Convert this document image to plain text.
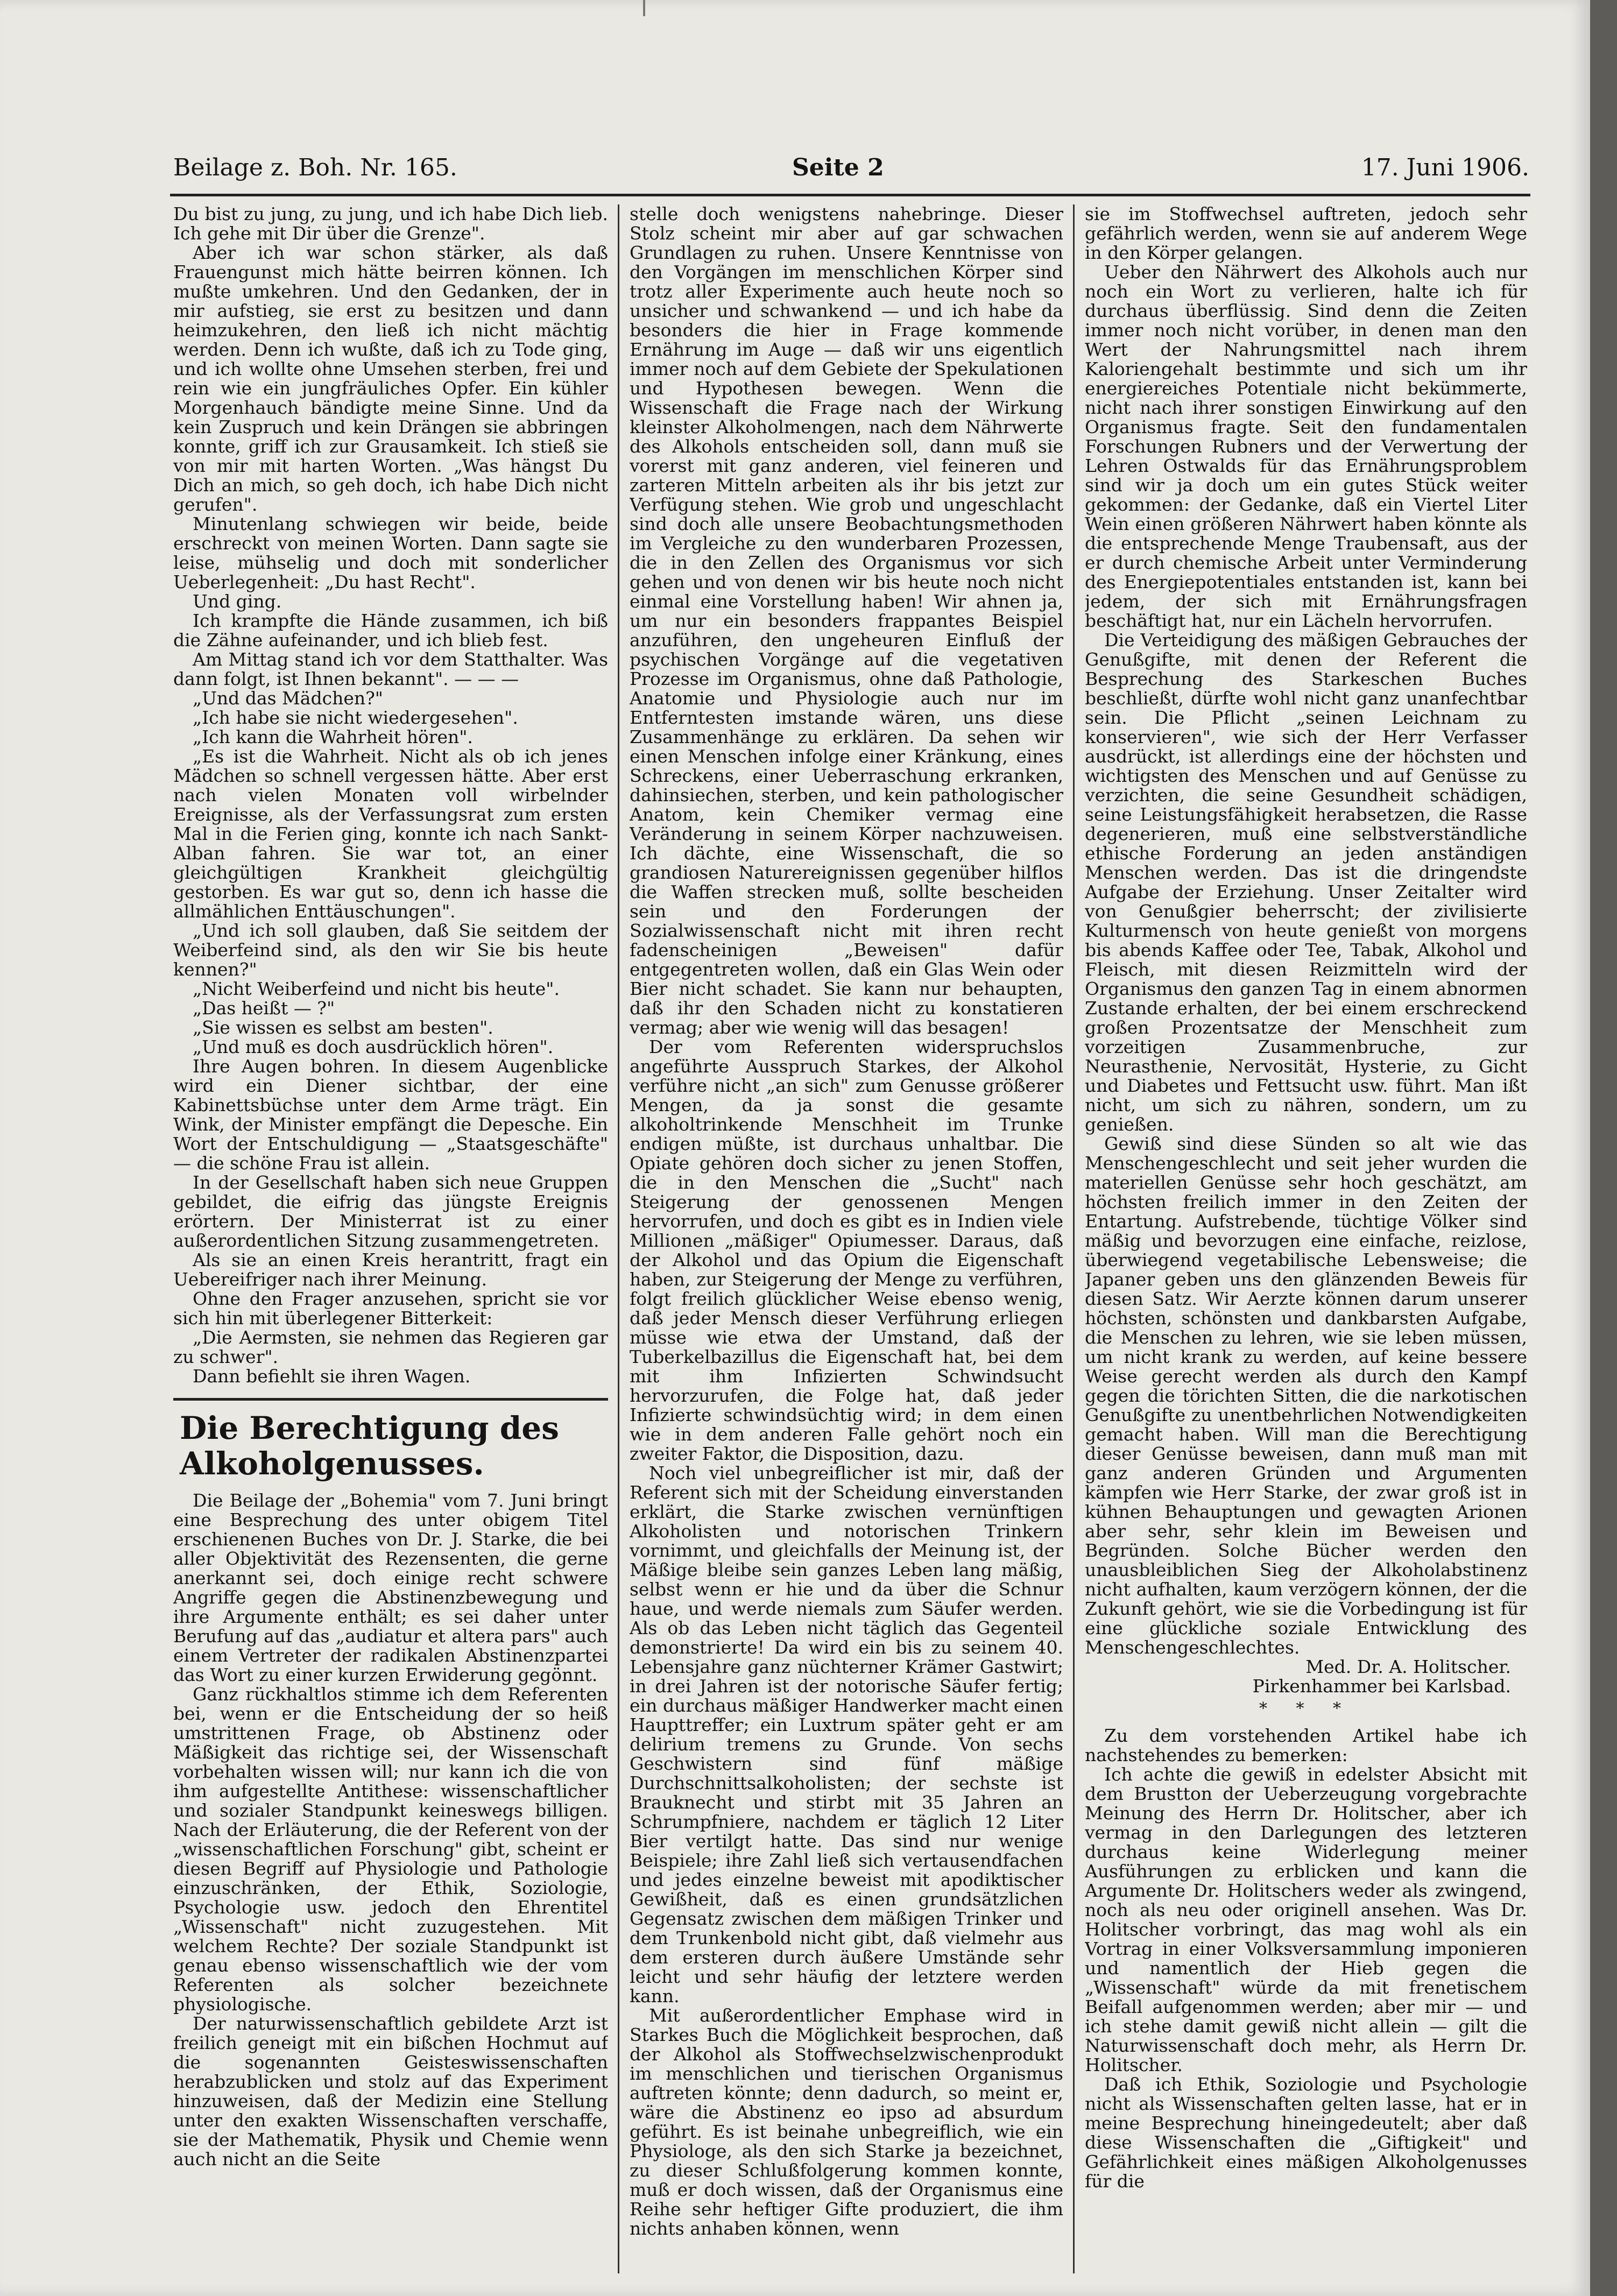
Beilage z. Boh. Nr. 165.	Seite 2	17. Juni 1906.

Du bist zu jung, zu jung, und ich habe Dich lieb. Ich gehe mit Dir über die Grenze".

Aber ich war schon stärker, als daß Frauengunst mich hätte beirren können. Ich mußte umkehren. Und den Gedanken, der in mir aufstieg, sie erst zu besitzen und dann heimzukehren, den ließ ich nicht mächtig werden. Denn ich wußte, daß ich zu Tode ging, und ich wollte ohne Umsehen sterben, frei und rein wie ein jungfräuliches Opfer. Ein kühler Morgenhauch bändigte meine Sinne. Und da kein Zuspruch und kein Drängen sie abbringen konnte, griff ich zur Grausamkeit. Ich stieß sie von mir mit harten Worten. „Was hängst Du Dich an mich, so geh doch, ich habe Dich nicht gerufen".

Minutenlang schwiegen wir beide, beide erschreckt von meinen Worten. Dann sagte sie leise, mühselig und doch mit sonderlicher Ueberlegenheit: „Du hast Recht".

Und ging.

Ich krampfte die Hände zusammen, ich biß die Zähne aufeinander, und ich blieb fest.

Am Mittag stand ich vor dem Statthalter. Was dann folgt, ist Ihnen bekannt". — — —

„Und das Mädchen?"

„Ich habe sie nicht wiedergesehen".

„Ich kann die Wahrheit hören".

„Es ist die Wahrheit. Nicht als ob ich jenes Mädchen so schnell vergessen hätte. Aber erst nach vielen Monaten voll wirbelnder Ereignisse, als der Verfassungsrat zum ersten Mal in die Ferien ging, konnte ich nach Sankt-Alban fahren. Sie war tot, an einer gleichgültigen Krankheit gleichgültig gestorben. Es war gut so, denn ich hasse die allmählichen Enttäuschungen".

„Und ich soll glauben, daß Sie seitdem der Weiberfeind sind, als den wir Sie bis heute kennen?"

„Nicht Weiberfeind und nicht bis heute".

„Das heißt — ?"

„Sie wissen es selbst am besten".

„Und muß es doch ausdrücklich hören".

Ihre Augen bohren. In diesem Augenblicke wird ein Diener sichtbar, der eine Kabinettsbüchse unter dem Arme trägt. Ein Wink, der Minister empfängt die Depesche. Ein Wort der Entschuldigung — „Staatsgeschäfte" — die schöne Frau ist allein.

In der Gesellschaft haben sich neue Gruppen gebildet, die eifrig das jüngste Ereignis erörtern. Der Ministerrat ist zu einer außerordentlichen Sitzung zusammengetreten.

Als sie an einen Kreis herantritt, fragt ein Uebereifriger nach ihrer Meinung.

Ohne den Frager anzusehen, spricht sie vor sich hin mit überlegener Bitterkeit:

„Die Aermsten, sie nehmen das Regieren gar zu schwer".

Dann befiehlt sie ihren Wagen.

Die Berechtigung des Alkoholgenusses.

Die Beilage der „Bohemia" vom 7. Juni bringt eine Besprechung des unter obigem Titel erschienenen Buches von Dr. J. Starke, die bei aller Objektivität des Rezensenten, die gerne anerkannt sei, doch einige recht schwere Angriffe gegen die Abstinenzbewegung und ihre Argumente enthält; es sei daher unter Berufung auf das „audiatur et altera pars" auch einem Vertreter der radikalen Abstinenzpartei das Wort zu einer kurzen Erwiderung gegönnt.

Ganz rückhaltlos stimme ich dem Referenten bei, wenn er die Entscheidung der so heiß umstrittenen Frage, ob Abstinenz oder Mäßigkeit das richtige sei, der Wissenschaft vorbehalten wissen will; nur kann ich die von ihm aufgestellte Antithese: wissenschaftlicher und sozialer Standpunkt keineswegs billigen. Nach der Erläuterung, die der Referent von der „wissenschaftlichen Forschung" gibt, scheint er diesen Begriff auf Physiologie und Pathologie einzuschränken, der Ethik, Soziologie, Psychologie usw. jedoch den Ehrentitel „Wissenschaft" nicht zuzugestehen. Mit welchem Rechte? Der soziale Standpunkt ist genau ebenso wissenschaftlich wie der vom Referenten als solcher bezeichnete physiologische.

Der naturwissenschaftlich gebildete Arzt ist freilich geneigt mit ein bißchen Hochmut auf die sogenannten Geisteswissenschaften herabzublicken und stolz auf das Experiment hinzuweisen, daß der Medizin eine Stellung unter den exakten Wissenschaften verschaffe, sie der Mathematik, Physik und Chemie wenn auch nicht an die Seite

stelle doch wenigstens nahebringe. Dieser Stolz scheint mir aber auf gar schwachen Grundlagen zu ruhen. Unsere Kenntnisse von den Vorgängen im menschlichen Körper sind trotz aller Experimente auch heute noch so unsicher und schwankend — und ich habe da besonders die hier in Frage kommende Ernährung im Auge — daß wir uns eigentlich immer noch auf dem Gebiete der Spekulationen und Hypothesen bewegen. Wenn die Wissenschaft die Frage nach der Wirkung kleinster Alkoholmengen, nach dem Nährwerte des Alkohols entscheiden soll, dann muß sie vorerst mit ganz anderen, viel feineren und zarteren Mitteln arbeiten als ihr bis jetzt zur Verfügung stehen. Wie grob und ungeschlacht sind doch alle unsere Beobachtungsmethoden im Vergleiche zu den wunderbaren Prozessen, die in den Zellen des Organismus vor sich gehen und von denen wir bis heute noch nicht einmal eine Vorstellung haben! Wir ahnen ja, um nur ein besonders frappantes Beispiel anzuführen, den ungeheuren Einfluß der psychischen Vorgänge auf die vegetativen Prozesse im Organismus, ohne daß Pathologie, Anatomie und Physiologie auch nur im Entferntesten imstande wären, uns diese Zusammenhänge zu erklären. Da sehen wir einen Menschen infolge einer Kränkung, eines Schreckens, einer Ueberraschung erkranken, dahinsiechen, sterben, und kein pathologischer Anatom, kein Chemiker vermag eine Veränderung in seinem Körper nachzuweisen. Ich dächte, eine Wissenschaft, die so grandiosen Naturereignissen gegenüber hilflos die Waffen strecken muß, sollte bescheiden sein und den Forderungen der Sozialwissenschaft nicht mit ihren recht fadenscheinigen „Beweisen" dafür entgegentreten wollen, daß ein Glas Wein oder Bier nicht schadet. Sie kann nur behaupten, daß ihr den Schaden nicht zu konstatieren vermag; aber wie wenig will das besagen!

Der vom Referenten widerspruchslos angeführte Ausspruch Starkes, der Alkohol verführe nicht „an sich" zum Genusse größerer Mengen, da ja sonst die gesamte alkoholtrinkende Menschheit im Trunke endigen müßte, ist durchaus unhaltbar. Die Opiate gehören doch sicher zu jenen Stoffen, die in den Menschen die „Sucht" nach Steigerung der genossenen Mengen hervorrufen, und doch es gibt es in Indien viele Millionen „mäßiger" Opiumesser. Daraus, daß der Alkohol und das Opium die Eigenschaft haben, zur Steigerung der Menge zu verführen, folgt freilich glücklicher Weise ebenso wenig, daß jeder Mensch dieser Verführung erliegen müsse wie etwa der Umstand, daß der Tuberkelbazillus die Eigenschaft hat, bei dem mit ihm Infizierten Schwindsucht hervorzurufen, die Folge hat, daß jeder Infizierte schwindsüchtig wird; in dem einen wie in dem anderen Falle gehört noch ein zweiter Faktor, die Disposition, dazu.

Noch viel unbegreiflicher ist mir, daß der Referent sich mit der Scheidung einverstanden erklärt, die Starke zwischen vernünftigen Alkoholisten und notorischen Trinkern vornimmt, und gleichfalls der Meinung ist, der Mäßige bleibe sein ganzes Leben lang mäßig, selbst wenn er hie und da über die Schnur haue, und werde niemals zum Säufer werden. Als ob das Leben nicht täglich das Gegenteil demonstrierte! Da wird ein bis zu seinem 40. Lebensjahre ganz nüchterner Krämer Gastwirt; in drei Jahren ist der notorische Säufer fertig; ein durchaus mäßiger Handwerker macht einen Haupttreffer; ein Luxtrum später geht er am delirium tremens zu Grunde. Von sechs Geschwistern sind fünf mäßige Durchschnittsalkoholisten; der sechste ist Brauknecht und stirbt mit 35 Jahren an Schrumpfniere, nachdem er täglich 12 Liter Bier vertilgt hatte. Das sind nur wenige Beispiele; ihre Zahl ließ sich vertausendfachen und jedes einzelne beweist mit apodiktischer Gewißheit, daß es einen grundsätzlichen Gegensatz zwischen dem mäßigen Trinker und dem Trunkenbold nicht gibt, daß vielmehr aus dem ersteren durch äußere Umstände sehr leicht und sehr häufig der letztere werden kann.

Mit außerordentlicher Emphase wird in Starkes Buch die Möglichkeit besprochen, daß der Alkohol als Stoffwechselzwischenprodukt im menschlichen und tierischen Organismus auftreten könnte; denn dadurch, so meint er, wäre die Abstinenz eo ipso ad absurdum geführt. Es ist beinahe unbegreiflich, wie ein Physiologe, als den sich Starke ja bezeichnet, zu dieser Schlußfolgerung kommen konnte, muß er doch wissen, daß der Organismus eine Reihe sehr heftiger Gifte produziert, die ihm nichts anhaben können, wenn

sie im Stoffwechsel auftreten, jedoch sehr gefährlich werden, wenn sie auf anderem Wege in den Körper gelangen.

Ueber den Nährwert des Alkohols auch nur noch ein Wort zu verlieren, halte ich für durchaus überflüssig. Sind denn die Zeiten immer noch nicht vorüber, in denen man den Wert der Nahrungsmittel nach ihrem Kaloriengehalt bestimmte und sich um ihr energiereiches Potentiale nicht bekümmerte, nicht nach ihrer sonstigen Einwirkung auf den Organismus fragte. Seit den fundamentalen Forschungen Rubners und der Verwertung der Lehren Ostwalds für das Ernährungsproblem sind wir ja doch um ein gutes Stück weiter gekommen: der Gedanke, daß ein Viertel Liter Wein einen größeren Nährwert haben könnte als die entsprechende Menge Traubensaft, aus der er durch chemische Arbeit unter Verminderung des Energiepotentiales entstanden ist, kann bei jedem, der sich mit Ernährungsfragen beschäftigt hat, nur ein Lächeln hervorrufen.

Die Verteidigung des mäßigen Gebrauches der Genußgifte, mit denen der Referent die Besprechung des Starkeschen Buches beschließt, dürfte wohl nicht ganz unanfechtbar sein. Die Pflicht „seinen Leichnam zu konservieren", wie sich der Herr Verfasser ausdrückt, ist allerdings eine der höchsten und wichtigsten des Menschen und auf Genüsse zu verzichten, die seine Gesundheit schädigen, seine Leistungsfähigkeit herabsetzen, die Rasse degenerieren, muß eine selbstverständliche ethische Forderung an jeden anständigen Menschen werden. Das ist die dringendste Aufgabe der Erziehung. Unser Zeitalter wird von Genußgier beherrscht; der zivilisierte Kulturmensch von heute genießt von morgens bis abends Kaffee oder Tee, Tabak, Alkohol und Fleisch, mit diesen Reizmitteln wird der Organismus den ganzen Tag in einem abnormen Zustande erhalten, der bei einem erschreckend großen Prozentsatze der Menschheit zum vorzeitigen Zusammenbruche, zur Neurasthenie, Nervosität, Hysterie, zu Gicht und Diabetes und Fettsucht usw. führt. Man ißt nicht, um sich zu nähren, sondern, um zu genießen.

Gewiß sind diese Sünden so alt wie das Menschengeschlecht und seit jeher wurden die materiellen Genüsse sehr hoch geschätzt, am höchsten freilich immer in den Zeiten der Entartung. Aufstrebende, tüchtige Völker sind mäßig und bevorzugen eine einfache, reizlose, überwiegend vegetabilische Lebensweise; die Japaner geben uns den glänzenden Beweis für diesen Satz. Wir Aerzte können darum unserer höchsten, schönsten und dankbarsten Aufgabe, die Menschen zu lehren, wie sie leben müssen, um nicht krank zu werden, auf keine bessere Weise gerecht werden als durch den Kampf gegen die törichten Sitten, die die narkotischen Genußgifte zu unentbehrlichen Notwendigkeiten gemacht haben. Will man die Berechtigung dieser Genüsse beweisen, dann muß man mit ganz anderen Gründen und Argumenten kämpfen wie Herr Starke, der zwar groß ist in kühnen Behauptungen und gewagten Arionen aber sehr, sehr klein im Beweisen und Begründen. Solche Bücher werden den unausbleiblichen Sieg der Alkoholabstinenz nicht aufhalten, kaum verzögern können, der die Zukunft gehört, wie sie die Vorbedingung ist für eine glückliche soziale Entwicklung des Menschengeschlechtes.

Med. Dr. A. Holitscher.

Pirkenhammer bei Karlsbad.

* * *

Zu dem vorstehenden Artikel habe ich nachstehendes zu bemerken:

Ich achte die gewiß in edelster Absicht mit dem Brustton der Ueberzeugung vorgebrachte Meinung des Herrn Dr. Holitscher, aber ich vermag in den Darlegungen des letzteren durchaus keine Widerlegung meiner Ausführungen zu erblicken und kann die Argumente Dr. Holitschers weder als zwingend, noch als neu oder originell ansehen. Was Dr. Holitscher vorbringt, das mag wohl als ein Vortrag in einer Volksversammlung imponieren und namentlich der Hieb gegen die „Wissenschaft" würde da mit frenetischem Beifall aufgenommen werden; aber mir — und ich stehe damit gewiß nicht allein — gilt die Naturwissenschaft doch mehr, als Herrn Dr. Holitscher.

Daß ich Ethik, Soziologie und Psychologie nicht als Wissenschaften gelten lasse, hat er in meine Besprechung hineingedeutelt; aber daß diese Wissenschaften die „Giftigkeit" und Gefährlichkeit eines mäßigen Alkoholgenusses für die
